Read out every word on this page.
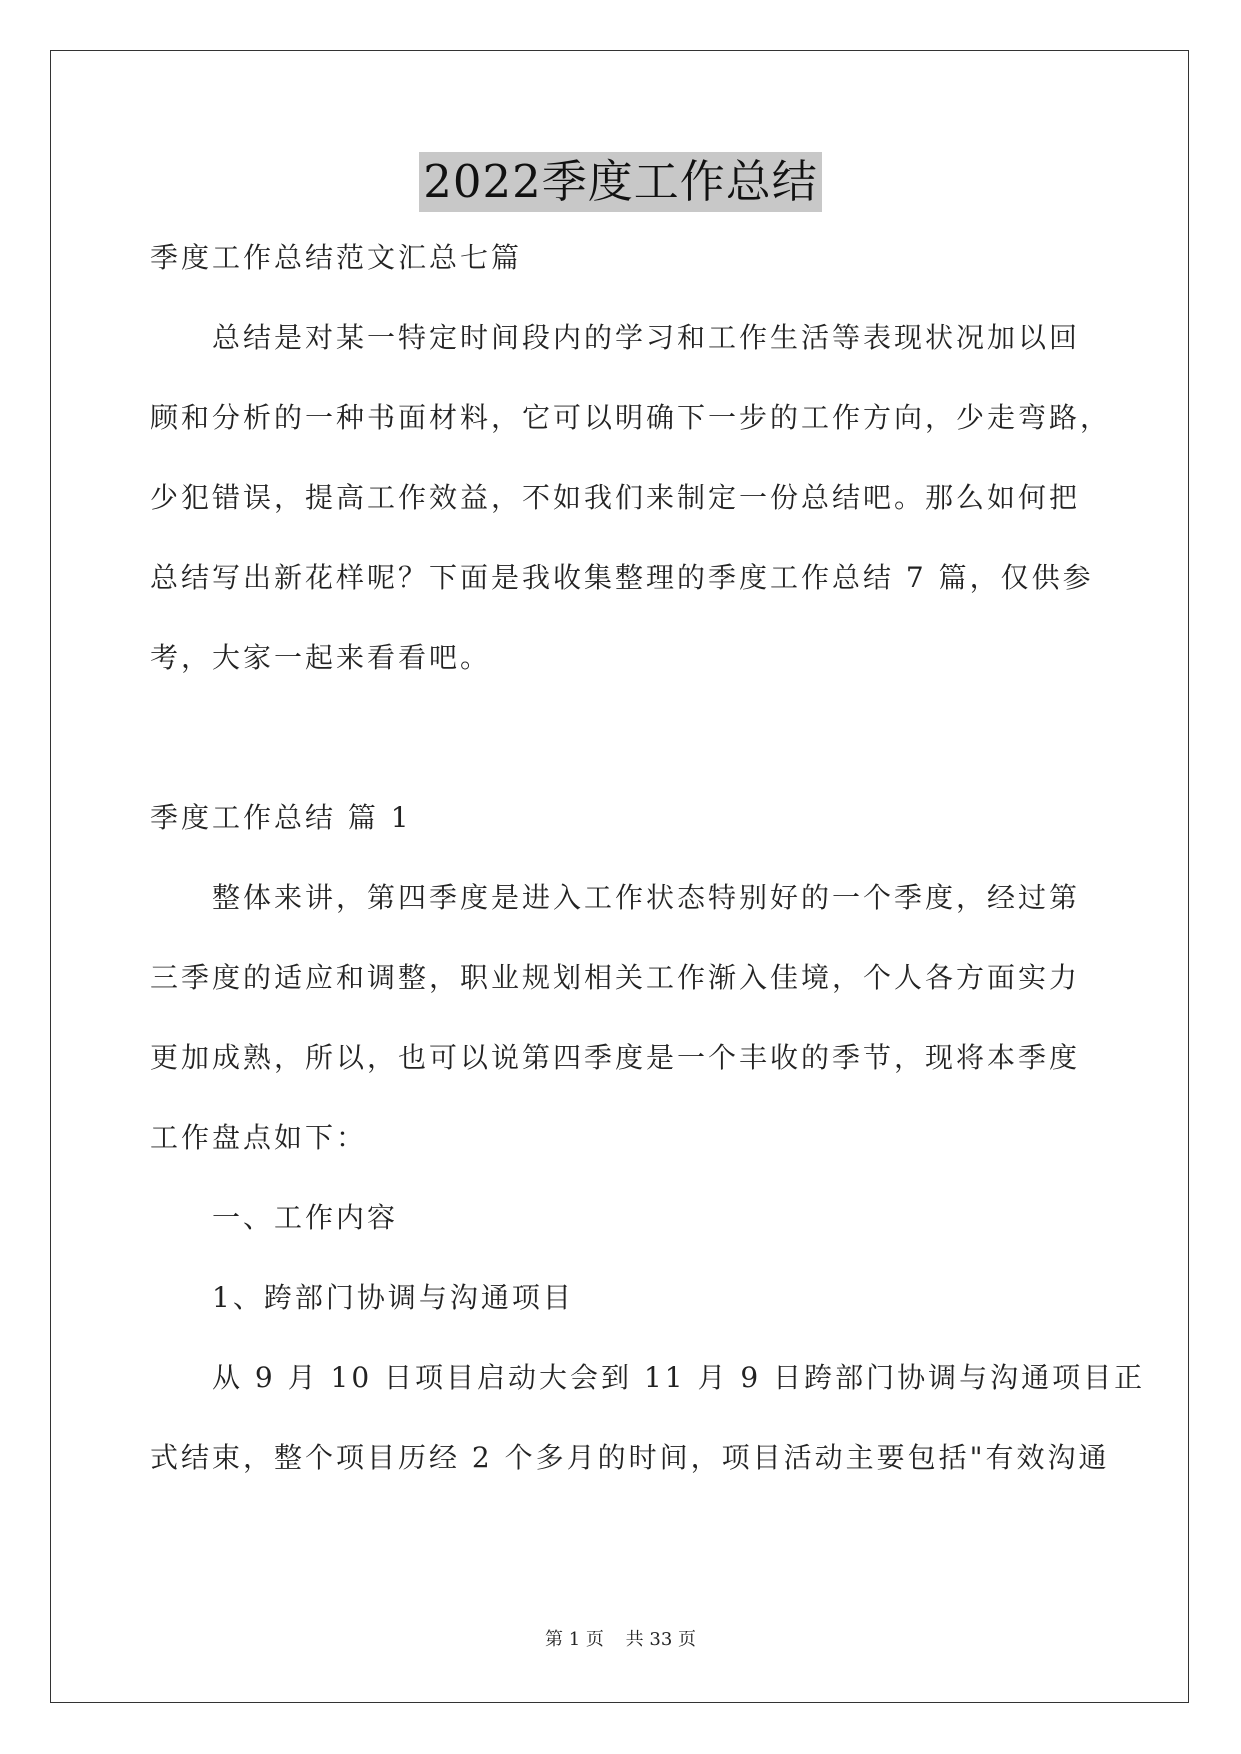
2022季度工作总结
季度工作总结范文汇总七篇
　　总结是对某一特定时间段内的学习和工作生活等表现状况加以回
顾和分析的一种书面材料，它可以明确下一步的工作方向，少走弯路，
少犯错误，提高工作效益，不如我们来制定一份总结吧。那么如何把
总结写出新花样呢？下面是我收集整理的季度工作总结 7 篇，仅供参
考，大家一起来看看吧。
季度工作总结 篇 1
　　整体来讲，第四季度是进入工作状态特别好的一个季度，经过第
三季度的适应和调整，职业规划相关工作渐入佳境，个人各方面实力
更加成熟，所以，也可以说第四季度是一个丰收的季节，现将本季度
工作盘点如下：
　　一、工作内容
　　1、跨部门协调与沟通项目
　　从 9 月 10 日项目启动大会到 11 月 9 日跨部门协调与沟通项目正
式结束，整个项目历经 2 个多月的时间，项目活动主要包括"有效沟通
第 1 页 共 33 页
